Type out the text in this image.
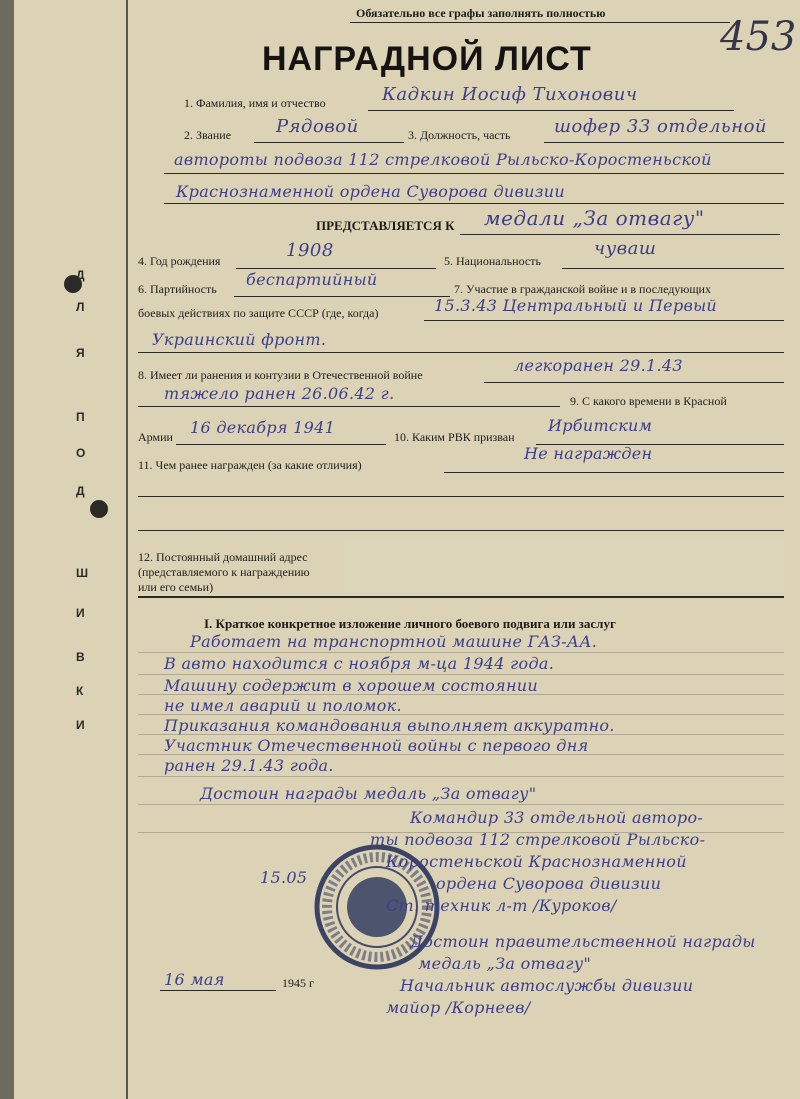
Д
Л
Я
П
О
Д
Ш
И
В
К
И
Обязательно все графы заполнять полностью
453
НАГРАДНОЙ ЛИСТ
1. Фамилия, имя и отчество	Кадкин Иосиф Тихонович
2. Звание Рядовой	3. Должность, часть шофер 33 отдельной
автороты подвоза 112 стрелковой Рыльско-Коростеньской
Краснознаменной ордена Суворова дивизии
ПРЕДСТАВЛЯЕТСЯ К медали „За отвагу"
4. Год рождения	1908	5. Национальность
чуваш
6. Партийность беспартийный	7. Участие в гражданской войне и в последующих
боевых действиях по защите СССР (где, когда)	15.3.43 Центральный и Первый
Украинский фронт.
8. Имеет ли ранения и контузии в Отечественной войне	легкоранен 29.1.43
тяжело ранен 26.06.42 г.	9. С какого времени в Красной
Армии 16 декабря 1941	10. Каким РВК призван
Ирбитским
11. Чем ранее награжден (за какие отличия)
Не награжден
12. Постоянный домашний адрес
(представляемого к награждению
или его семьи)
I. Краткое конкретное изложение личного боевого подвига или заслуг
Работает на транспортной машине ГАЗ-АА.
В авто находится с ноября м-ца 1944 года.
Машину содержит в хорошем состоянии
не имел аварий и поломок.
Приказания командования выполняет аккуратно.
Участник Отечественной войны с первого дня
ранен 29.1.43 года.
Достоин награды медаль „За отвагу"
Командир 33 отдельной авторо-
ты подвоза 112 стрелковой Рыльско-
Коростеньской Краснознаменной
ордена Суворова дивизии
Ст. техник л-т /Куроков/
15.05
Достоин правительственной награды
медаль „За отвагу"
Начальник автослужбы дивизии
майор /Корнеев/
16 мая	1945 г
